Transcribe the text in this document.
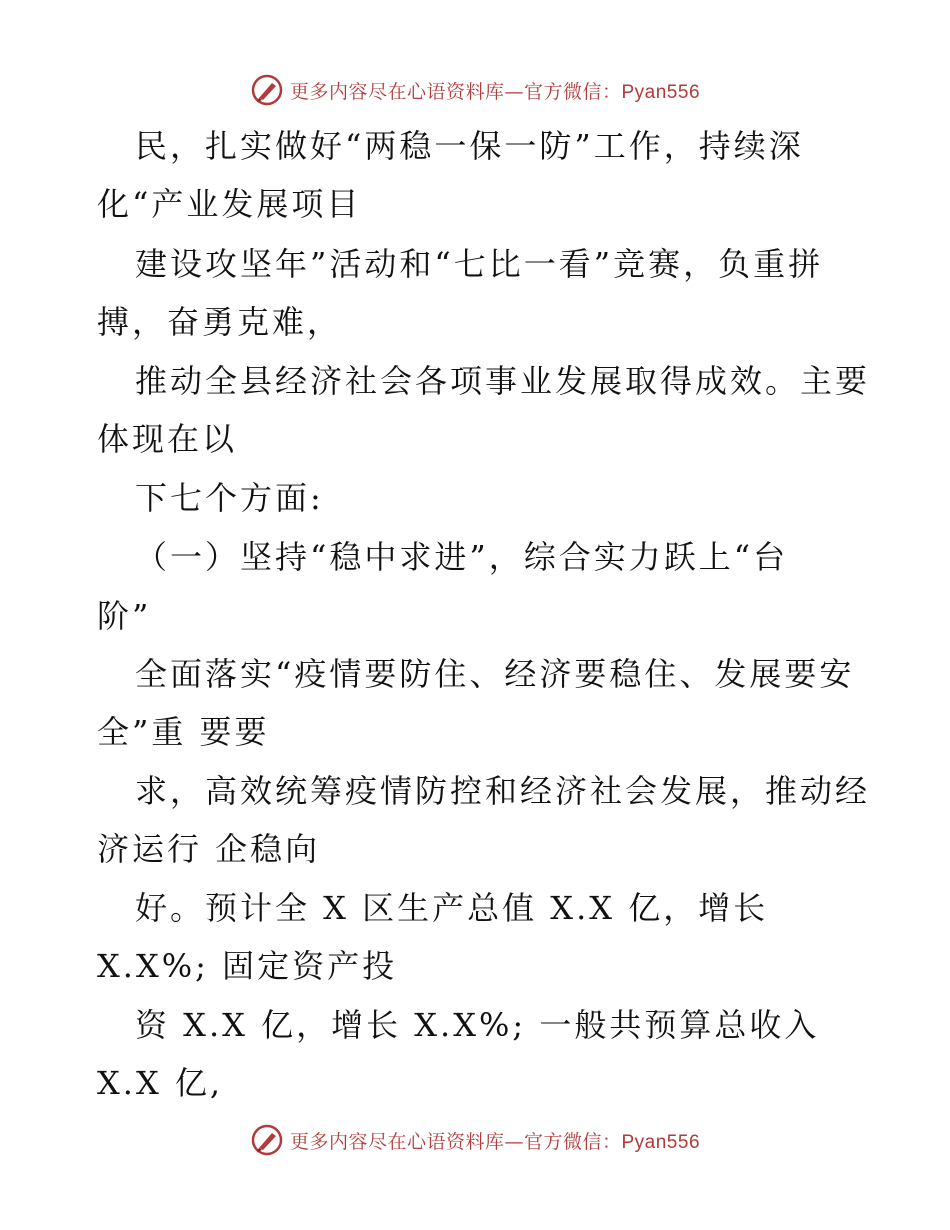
更多内容尽在心语资料库—官方微信：Pyan556
民，扎实做好“两稳一保一防”工作，持续深
化“产业发展项目
建设攻坚年”活动和“七比一看”竞赛，负重拼
搏，奋勇克难，
推动全县经济社会各项事业发展取得成效。主要
体现在以
下七个方面:
（一）坚持“稳中求进”，综合实力跃上“台
阶”
全面落实“疫情要防住、经济要稳住、发展要安
全”重 要要
求，高效统筹疫情防控和经济社会发展，推动经
济运行 企稳向
好。预计全 X 区生产总值 X.X 亿，增长
X.X%; 固定资产投
资 X.X 亿，增长 X.X%; 一般共预算总收入
X.X 亿,
更多内容尽在心语资料库—官方微信：Pyan556
